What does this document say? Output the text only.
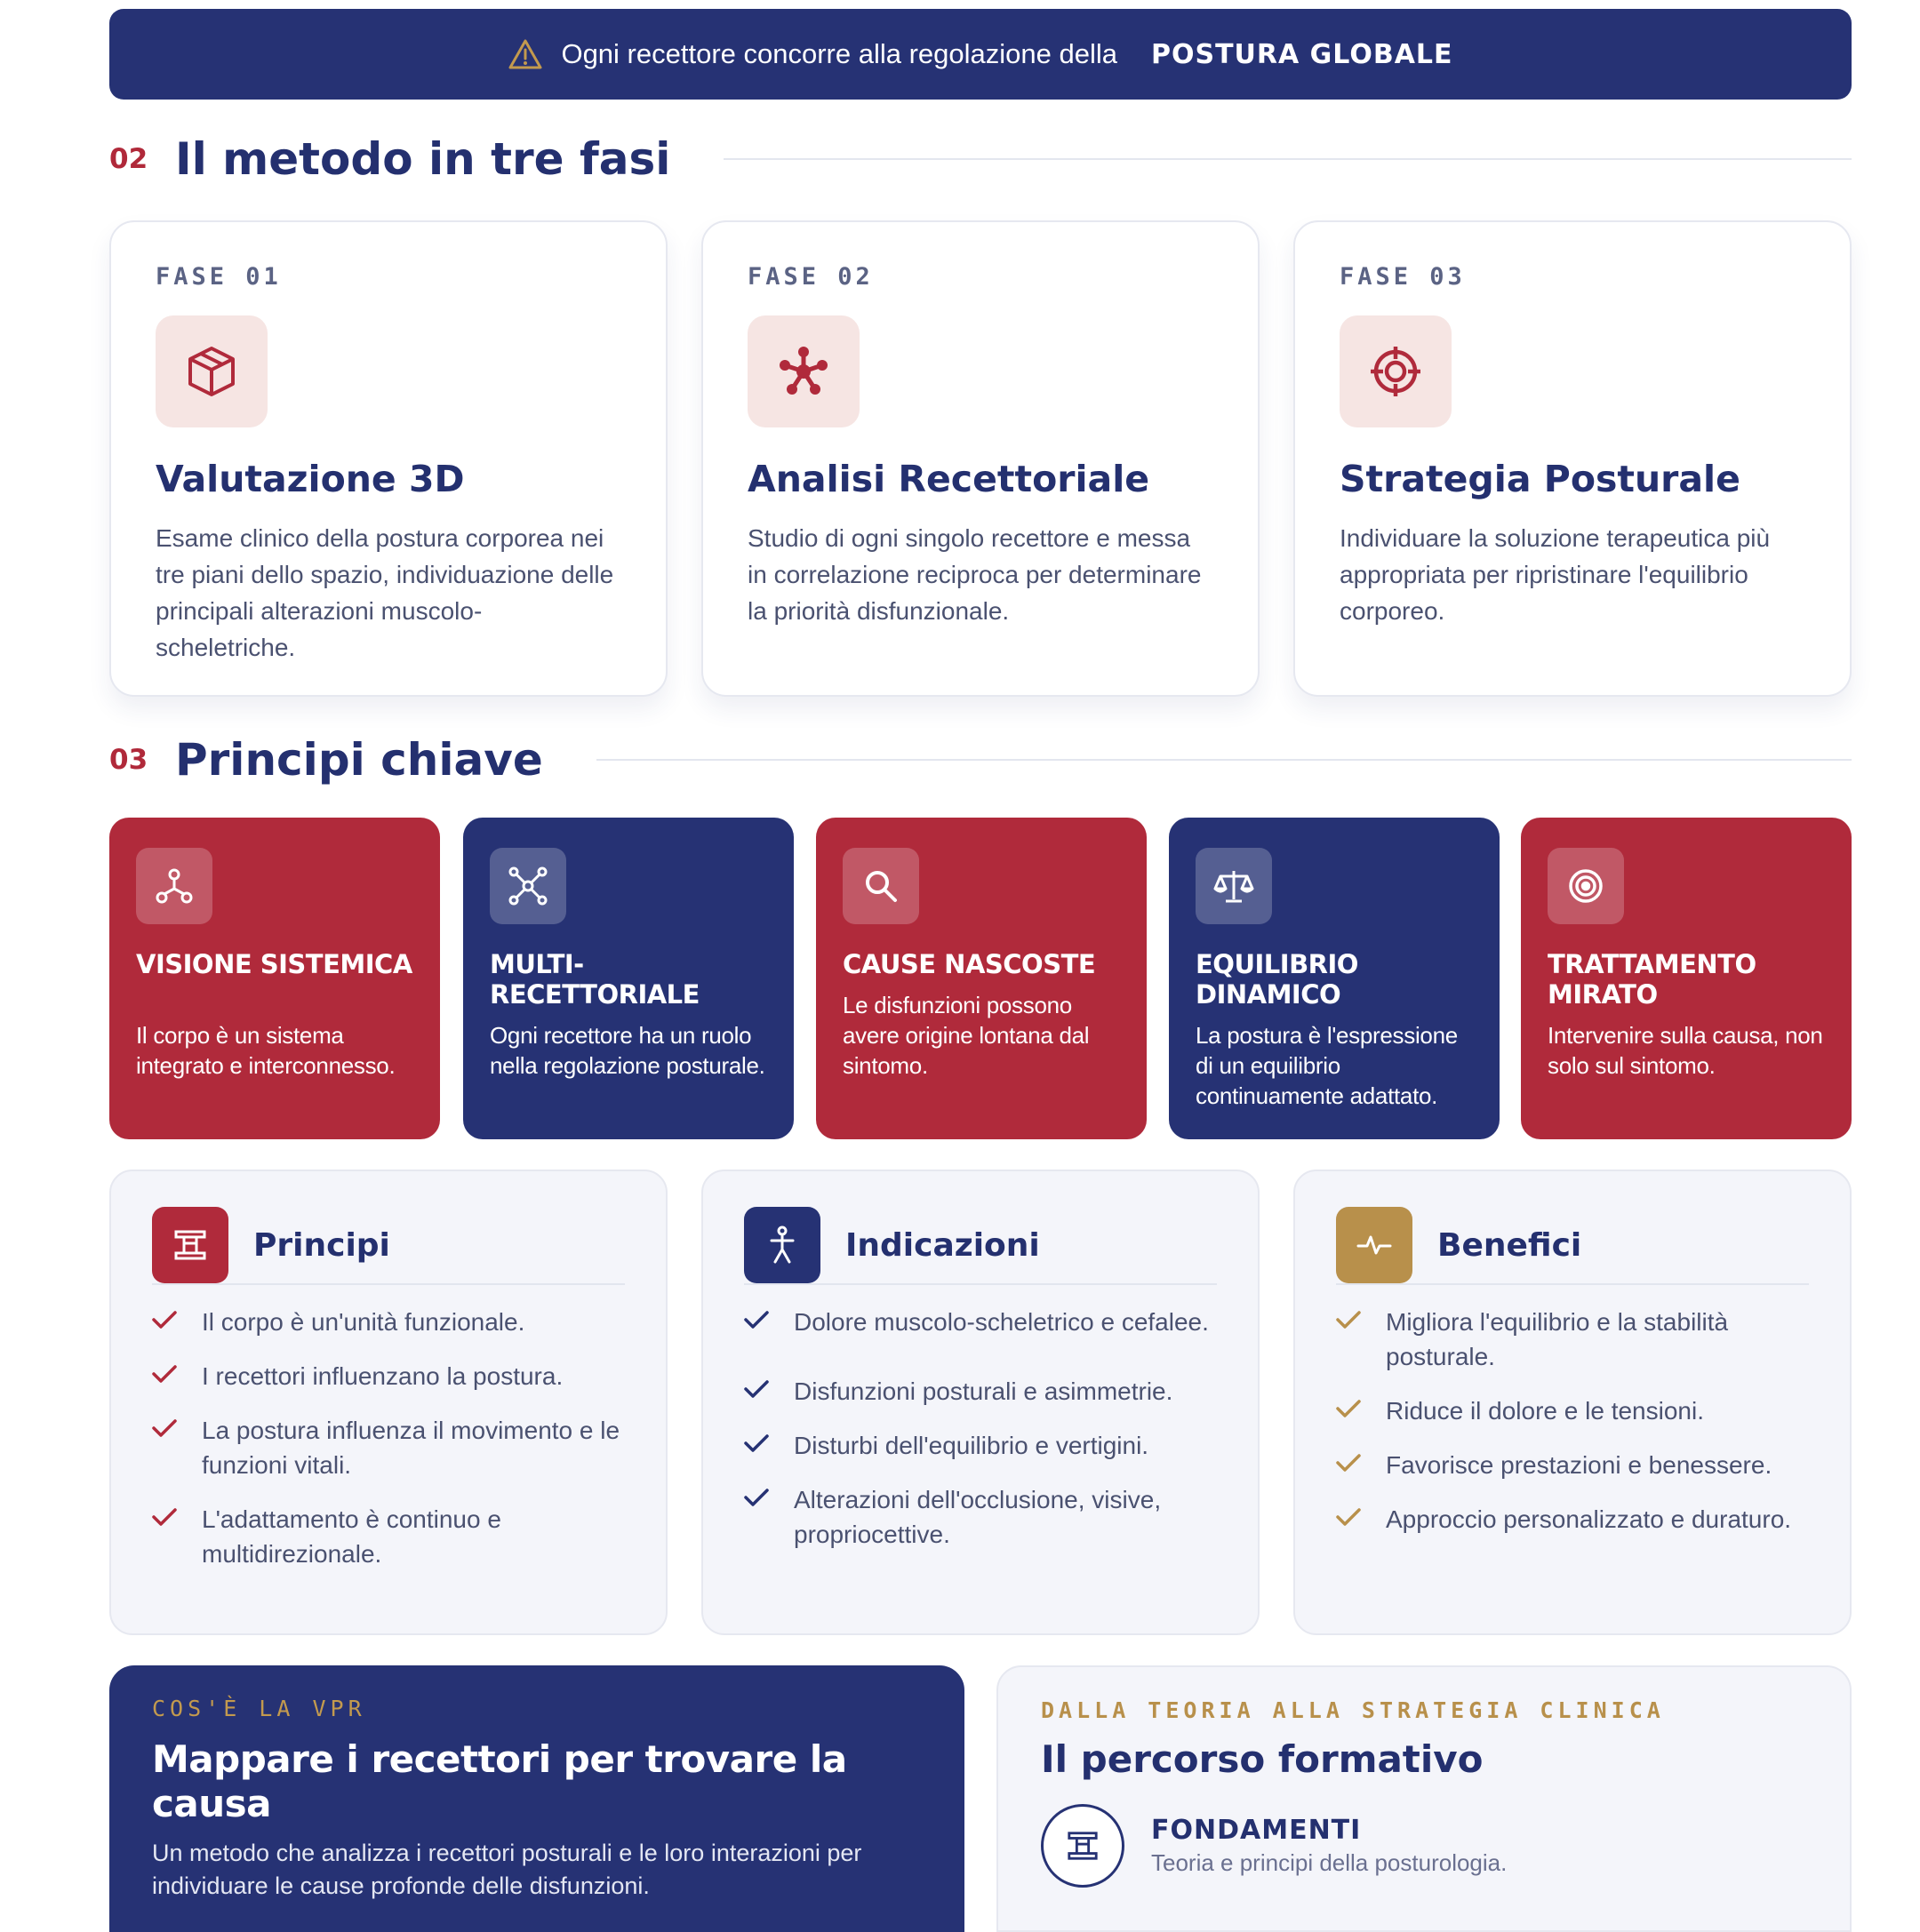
Ogni recettore concorre alla regolazione della POSTURA GLOBALE
02 Il metodo in tre fasi
FASE 01
Valutazione 3D
Esame clinico della postura corporea nei tre piani dello spazio, individuazione delle principali alterazioni muscolo-scheletriche.
FASE 02
Analisi Recettoriale
Studio di ogni singolo recettore e messa in correlazione reciproca per determinare la priorità disfunzionale.
FASE 03
Strategia Posturale
Individuare la soluzione terapeutica più appropriata per ripristinare l'equilibrio corporeo.
03 Principi chiave
VISIONE SISTEMICA
Il corpo è un sistema integrato e interconnesso.
MULTI-RECETTORIALE
Ogni recettore ha un ruolo nella regolazione posturale.
CAUSE NASCOSTE
Le disfunzioni possono avere origine lontana dal sintomo.
EQUILIBRIO DINAMICO
La postura è l'espressione di un equilibrio continuamente adattato.
TRATTAMENTO MIRATO
Intervenire sulla causa, non solo sul sintomo.
Principi
Il corpo è un'unità funzionale.
I recettori influenzano la postura.
La postura influenza il movimento e le funzioni vitali.
L'adattamento è continuo e multidirezionale.
Indicazioni
Dolore muscolo-scheletrico e cefalee.
Disfunzioni posturali e asimmetrie.
Disturbi dell'equilibrio e vertigini.
Alterazioni dell'occlusione, visive, propriocettive.
Benefici
Migliora l'equilibrio e la stabilità posturale.
Riduce il dolore e le tensioni.
Favorisce prestazioni e benessere.
Approccio personalizzato e duraturo.
COS'È LA VPR
Mappare i recettori per trovare la causa
Un metodo che analizza i recettori posturali e le loro interazioni per individuare le cause profonde delle disfunzioni.
DALLA TEORIA ALLA STRATEGIA CLINICA
Il percorso formativo
FONDAMENTI
Teoria e principi della posturologia.
